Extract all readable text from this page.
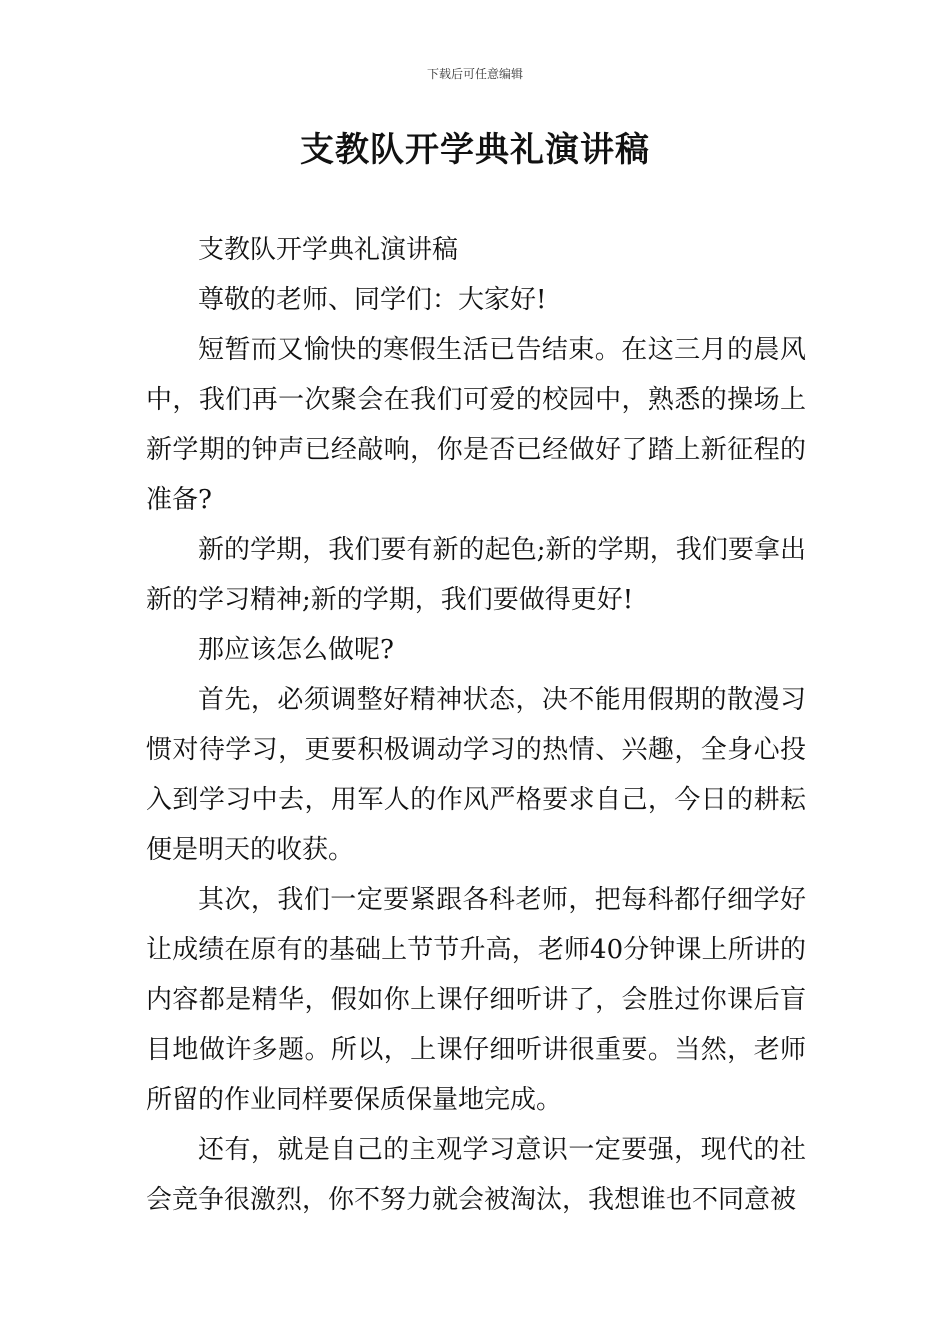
下载后可任意编辑
支教队开学典礼演讲稿

支教队开学典礼演讲稿

尊敬的老师、同学们：大家好!

短暂而又愉快的寒假生活已告结束。在这三月的晨风中，我们再一次聚会在我们可爱的校园中，熟悉的操场上新学期的钟声已经敲响，你是否已经做好了踏上新征程的准备?

新的学期，我们要有新的起色;新的学期，我们要拿出新的学习精神;新的学期，我们要做得更好!

那应该怎么做呢?

首先，必须调整好精神状态，决不能用假期的散漫习惯对待学习，更要积极调动学习的热情、兴趣，全身心投入到学习中去，用军人的作风严格要求自己，今日的耕耘便是明天的收获。

其次，我们一定要紧跟各科老师，把每科都仔细学好让成绩在原有的基础上节节升高，老师40分钟课上所讲的内容都是精华，假如你上课仔细听讲了，会胜过你课后盲目地做许多题。所以，上课仔细听讲很重要。当然，老师所留的作业同样要保质保量地完成。

还有，就是自己的主观学习意识一定要强，现代的社会竞争很激烈，你不努力就会被淘汰，我想谁也不同意被
